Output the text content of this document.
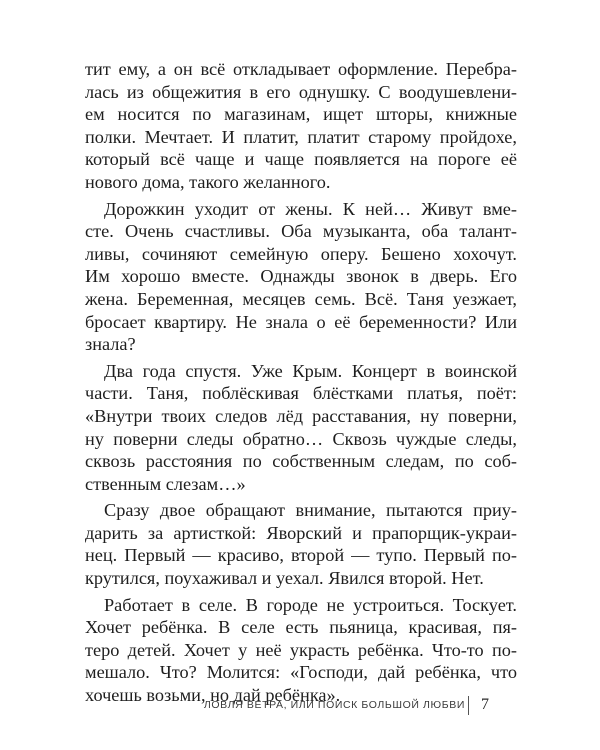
тит ему, а он всё откладывает оформление. Перебра-
лась из общежития в его однушку. С воодушевлени-
ем носится по магазинам, ищет шторы, книжные
полки. Мечтает. И платит, платит старому пройдохе,
который всё чаще и чаще появляется на пороге её
нового дома, такого желанного.
Дорожкин уходит от жены. К ней… Живут вме-
сте. Очень счастливы. Оба музыканта, оба талант-
ливы, сочиняют семейную оперу. Бешено хохочут.
Им хорошо вместе. Однажды звонок в дверь. Его
жена. Беременная, месяцев семь. Всё. Таня уезжает,
бросает квартиру. Не знала о её беременности? Или
знала?
Два года спустя. Уже Крым. Концерт в воинской
части. Таня, поблёскивая блёстками платья, поёт:
«Внутри твоих следов лёд расставания, ну поверни,
ну поверни следы обратно… Сквозь чуждые следы,
сквозь расстояния по собственным следам, по соб-
ственным слезам…»
Сразу двое обращают внимание, пытаются приу-
дарить за артисткой: Яворский и прапорщик-украи-
нец. Первый — красиво, второй — тупо. Первый по-
крутился, поухаживал и уехал. Явился второй. Нет.
Работает в селе. В городе не устроиться. Тоскует.
Хочет ребёнка. В селе есть пьяница, красивая, пя-
теро детей. Хочет у неё украсть ребёнка. Что-то по-
мешало. Что? Молится: «Господи, дай ребёнка, что
хочешь возьми, но дай ребёнка».
ЛОВЛЯ ВЕТРА, ИЛИ ПОИСК БОЛЬШОЙ ЛЮБВИ 7
